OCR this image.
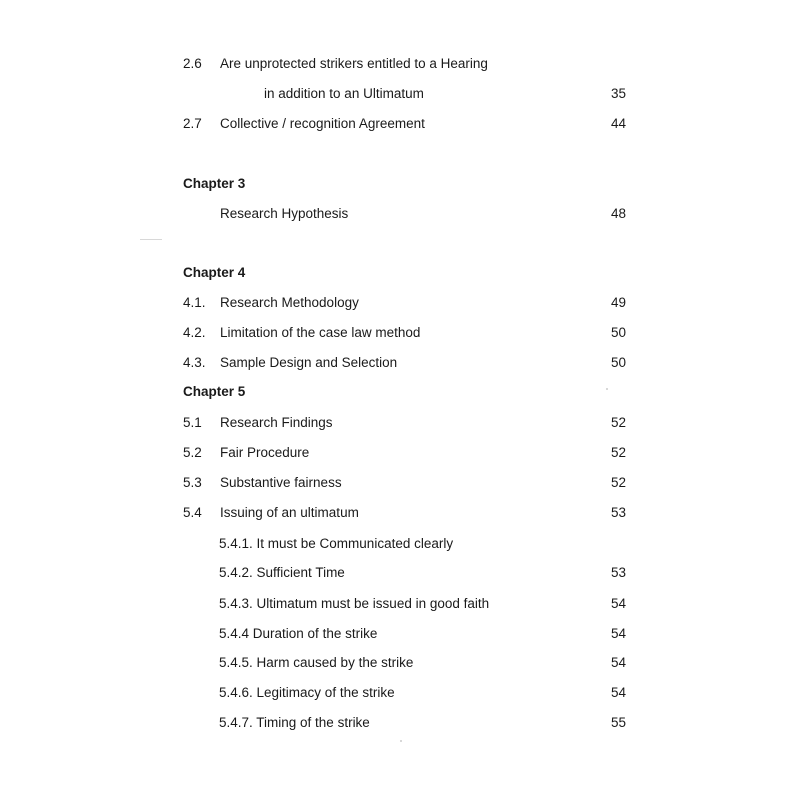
2.6 Are unprotected strikers entitled to a Hearing
in addition to an Ultimatum	35
2.7 Collective / recognition Agreement	44
Chapter 3
Research Hypothesis	48
Chapter 4
4.1. Research Methodology	49
4.2. Limitation of the case law method	50
4.3. Sample Design and Selection	50
Chapter 5
5.1 Research Findings	52
5.2 Fair Procedure	52
5.3 Substantive fairness	52
5.4 Issuing of an ultimatum	53
5.4.1. It must be Communicated clearly
5.4.2. Sufficient Time	53
5.4.3. Ultimatum must be issued in good faith	54
5.4.4 Duration of the strike	54
5.4.5. Harm caused by the strike	54
5.4.6. Legitimacy of the strike	54
5.4.7. Timing of the strike	55
